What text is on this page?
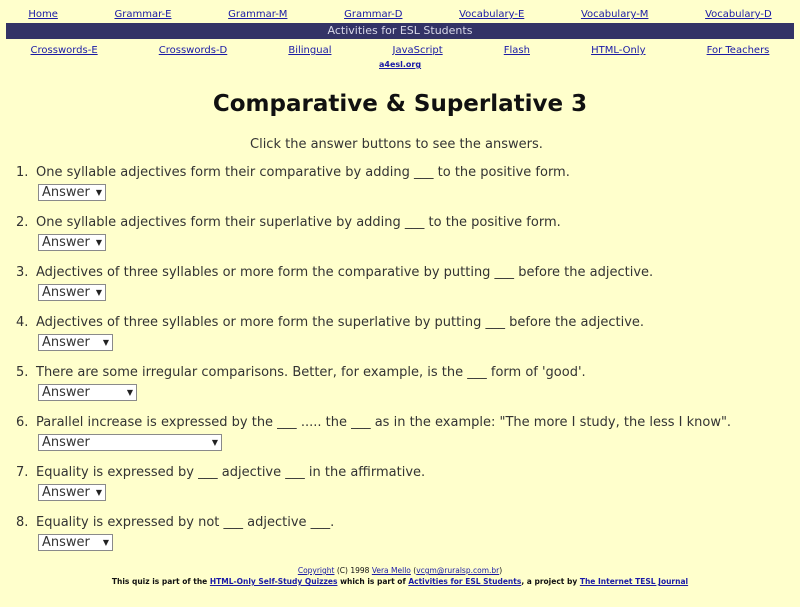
Home	Grammar-E	Grammar-M	Grammar-D	Vocabulary-E	Vocabulary-M	Vocabulary-D
Activities for ESL Students
Crosswords-E	Crosswords-D	Bilingual	JavaScript	Flash	HTML-Only	For Teachers
a4esl.org
Comparative & Superlative 3
Click the answer buttons to see the answers.
1. One syllable adjectives form their comparative by adding ___ to the positive form.
Answer ▼
2. One syllable adjectives form their superlative by adding ___ to the positive form.
Answer ▼
3. Adjectives of three syllables or more form the comparative by putting ___ before the adjective.
Answer ▼
4. Adjectives of three syllables or more form the superlative by putting ___ before the adjective.
Answer ▼
5. There are some irregular comparisons. Better, for example, is the ___ form of 'good'.
Answer	▼
6. Parallel increase is expressed by the ___ ..... the ___ as in the example: "The more I study, the less I know".
Answer	▼
7. Equality is expressed by ___ adjective ___ in the affirmative.
Answer ▼
8. Equality is expressed by not ___ adjective ___.
Answer ▼
Copyright (C) 1998 Vera Mello (vcgm@ruralsp.com.br)
This quiz is part of the HTML-Only Self-Study Quizzes which is part of Activities for ESL Students, a project by The Internet TESL Journal
